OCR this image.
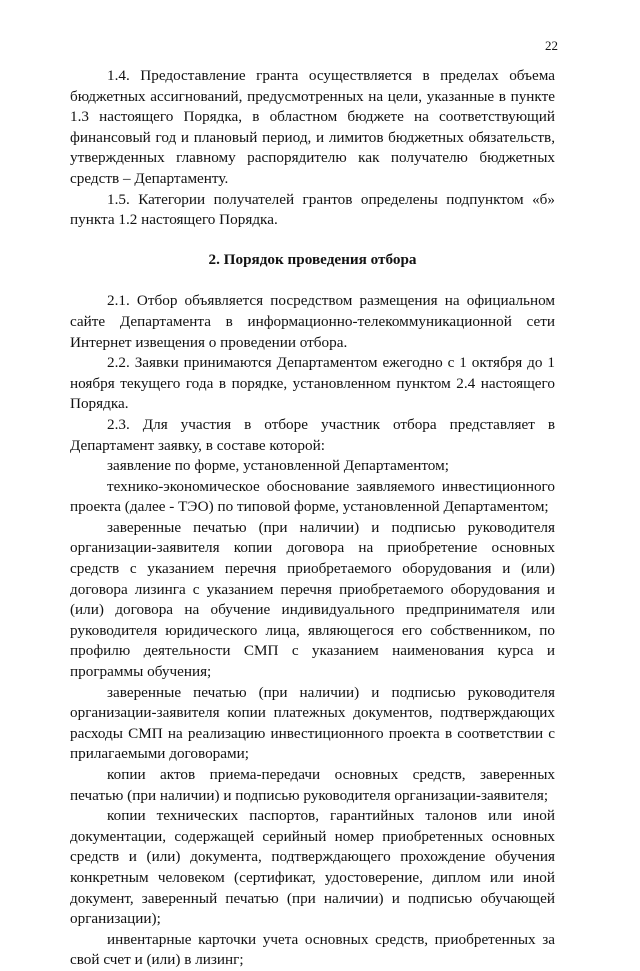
22

1.4. Предоставление гранта осуществляется в пределах объема бюджетных ассигнований, предусмотренных на цели, указанные в пункте 1.3 настоящего Порядка, в областном бюджете на соответствующий финансовый год и плановый период, и лимитов бюджетных обязательств, утвержденных главному распорядителю как получателю бюджетных средств – Департаменту.

1.5. Категории получателей грантов определены подпунктом «б» пункта 1.2 настоящего Порядка.

2. Порядок проведения отбора

2.1. Отбор объявляется посредством размещения на официальном сайте Департамента в информационно-телекоммуникационной сети Интернет извещения о проведении отбора.

2.2. Заявки принимаются Департаментом ежегодно с 1 октября до 1 ноября текущего года в порядке, установленном пунктом 2.4 настоящего Порядка.

2.3. Для участия в отборе участник отбора представляет в Департамент заявку, в составе которой:

заявление по форме, установленной Департаментом;

технико-экономическое обоснование заявляемого инвестиционного проекта (далее - ТЭО) по типовой форме, установленной Департаментом;

заверенные печатью (при наличии) и подписью руководителя организации-заявителя копии договора на приобретение основных средств с указанием перечня приобретаемого оборудования и (или) договора лизинга с указанием перечня приобретаемого оборудования и (или) договора на обучение индивидуального предпринимателя или руководителя юридического лица, являющегося его собственником, по профилю деятельности СМП с указанием наименования курса и программы обучения;

заверенные печатью (при наличии) и подписью руководителя организации-заявителя копии платежных документов, подтверждающих расходы СМП на реализацию инвестиционного проекта в соответствии с прилагаемыми договорами;

копии актов приема-передачи основных средств, заверенных печатью (при наличии) и подписью руководителя организации-заявителя;

копии технических паспортов, гарантийных талонов или иной документации, содержащей серийный номер приобретенных основных средств и (или) документа, подтверждающего прохождение обучения конкретным человеком (сертификат, удостоверение, диплом или иной документ, заверенный печатью (при наличии) и подписью обучающей организации);

инвентарные карточки учета основных средств, приобретенных за свой счет и (или) в лизинг;
